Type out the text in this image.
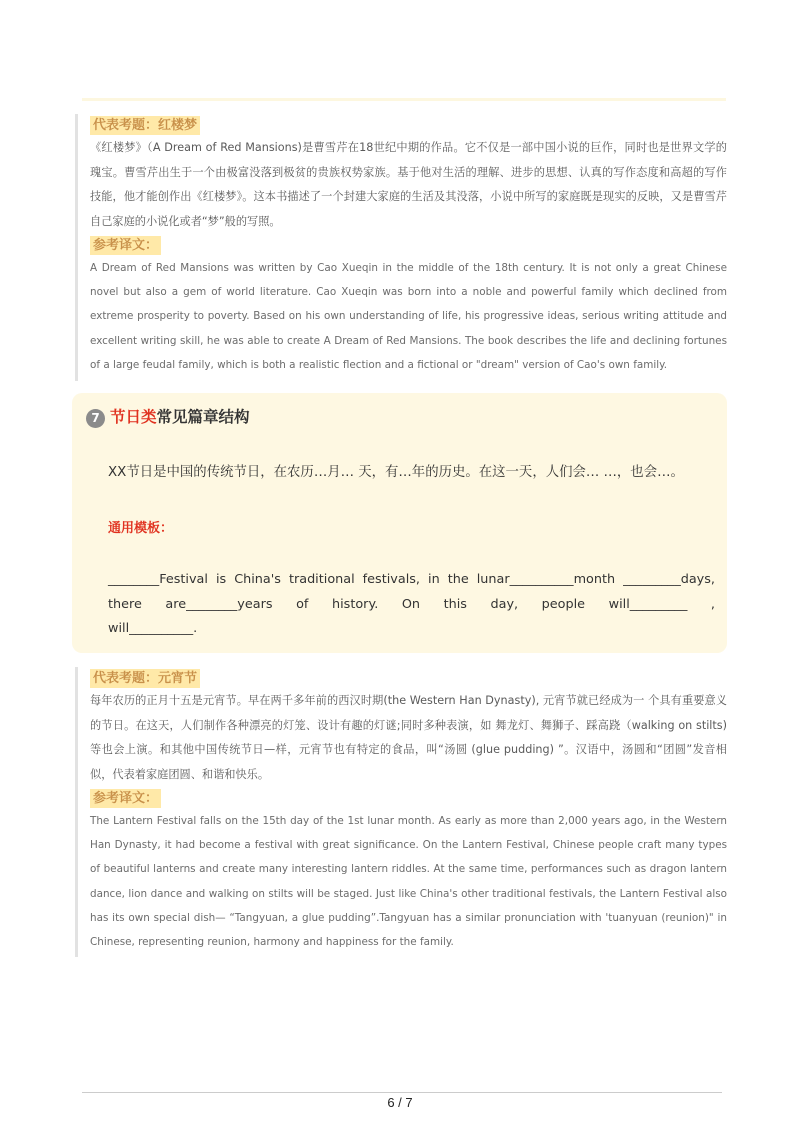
代表考题：红楼梦

《红楼梦》（A Dream of Red Mansions)是曹雪芹在18世纪中期的作品。它不仅是一部中国小说的巨作，同时也是世界文学的瑰宝。曹雪芹出生于一个由极富没落到极贫的贵族权势家族。基于他对生活的理解、进步的思想、认真的写作态度和高超的写作技能，他才能创作出《红楼梦》。这本书描述了一个封建大家庭的生活及其没落，小说中所写的家庭既是现实的反映，又是曹雪芹自己家庭的小说化或者“梦”般的写照。

参考译文：

A Dream of Red Mansions was written by Cao Xueqin in the middle of the 18th century. It is not only a great Chinese novel but also a gem of world literature. Cao Xueqin was born into a noble and powerful family which declined from extreme prosperity to poverty. Based on his own understanding of life, his progressive ideas, serious writing attitude and excellent writing skill, he was able to create A Dream of Red Mansions. The book describes the life and declining fortunes of a large feudal family, which is both a realistic flection and a fictional or "dream" version of Cao's own family.

7 节日类常见篇章结构
XX节日是中国的传统节日，在农历…月… 天，有…年的历史。在这一天，人们会… …，也会…。
通用模板：
________Festival is China's traditional festivals, in the lunar__________month _________days, there are________years of history. On this day, people will_________ ,
will__________.
代表考题：元宵节

每年农历的正月十五是元宵节。早在两千多年前的西汉时期(the Western Han Dynasty), 元宵节就已经成为一 个具有重要意义的节日。在这天，人们制作各种漂亮的灯笼、设计有趣的灯谜;同时多种表演，如 舞龙灯、舞狮子、踩高跷（walking on stilts)等也会上演。和其他中国传统节日—样，元宵节也有特定的食品，叫“汤圆 (glue pudding) ”。汉语中，汤圆和“团圆”发音相似，代表着家庭团圆、和谐和快乐。

参考译文：

The Lantern Festival falls on the 15th day of the 1st lunar month. As early as more than 2,000 years ago, in the Western Han Dynasty, it had become a festival with great significance. On the Lantern Festival, Chinese people craft many types of beautiful lanterns and create many interesting lantern riddles. At the same time, performances such as dragon lantern dance, lion dance and walking on stilts will be staged. Just like China's other traditional festivals, the Lantern Festival also has its own special dish— “Tangyuan, a glue pudding”.Tangyuan has a similar pronunciation with 'tuanyuan (reunion)" in Chinese, representing reunion, harmony and happiness for the family.

6 / 7
